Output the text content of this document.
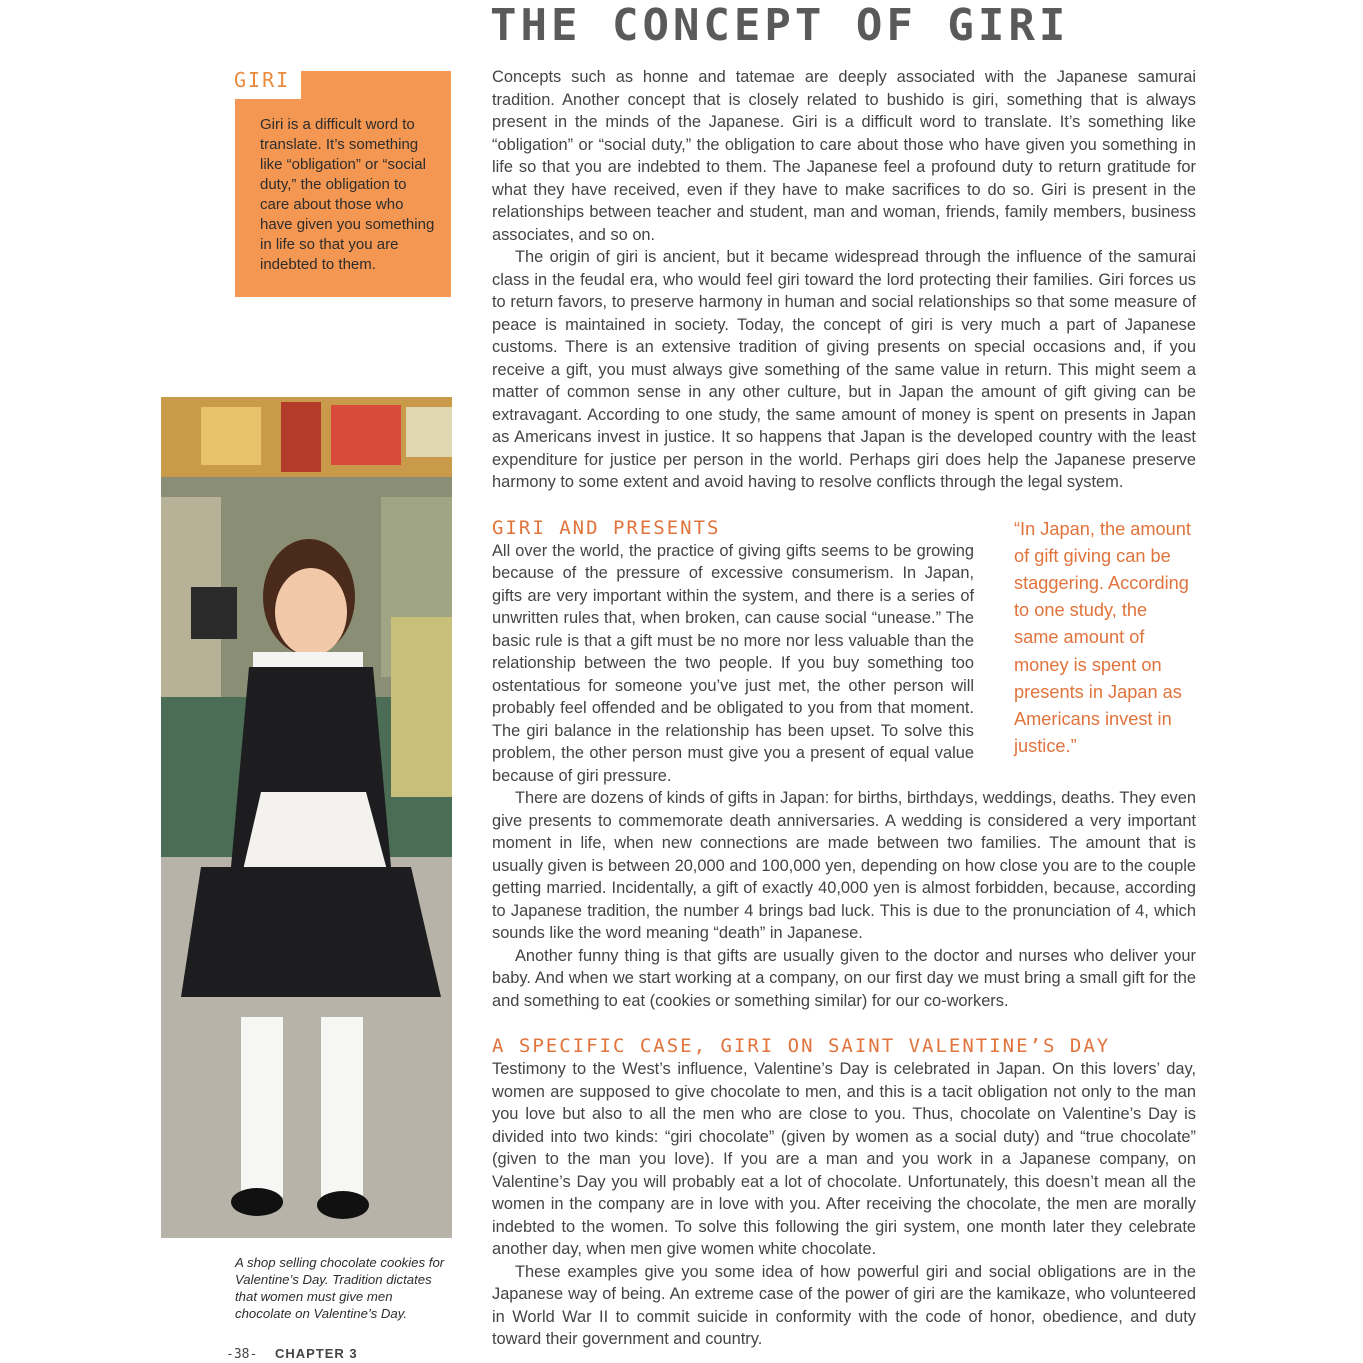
THE CONCEPT OF GIRI
Giri is a difficult word to translate. It’s something like “obligation” or “social duty,” the obligation to care about those who have given you something in life so that you are indebted to them.
GIRI
A shop selling chocolate cookies for Valentine’s Day. Tradition dictates that women must give men chocolate on Valentine’s Day.

Concepts such as honne and tatemae are deeply associated with the Japanese samurai tradition. Another concept that is closely related to bushido is giri, something that is always present in the minds of the Japanese. Giri is a difficult word to translate. It’s something like “obligation” or “social duty,” the obligation to care about those who have given you something in life so that you are indebted to them. The Japanese feel a profound duty to return gratitude for what they have received, even if they have to make sacrifices to do so. Giri is present in the relationships between teacher and student, man and woman, friends, family members, business associates, and so on.

The origin of giri is ancient, but it became widespread through the influence of the samurai class in the feudal era, who would feel giri toward the lord protecting their families. Giri forces us to return favors, to preserve harmony in human and social relationships so that some measure of peace is maintained in society. Today, the concept of giri is very much a part of Japanese customs. There is an extensive tradition of giving presents on special occasions and, if you receive a gift, you must always give something of the same value in return. This might seem a matter of common sense in any other culture, but in Japan the amount of gift giving can be extravagant. According to one study, the same amount of money is spent on presents in Japan as Americans invest in justice. It so happens that Japan is the developed country with the least expenditure for justice per person in the world. Perhaps giri does help the Japanese preserve harmony to some extent and avoid having to resolve conflicts through the legal system.

“In Japan, the amount of gift giving can be staggering. According to one study, the same amount of money is spent on presents in Japan as Americans invest in justice.”
GIRI AND PRESENTS

All over the world, the practice of giving gifts seems to be growing because of the pressure of excessive consumerism. In Japan, gifts are very important within the system, and there is a series of unwritten rules that, when broken, can cause social “unease.” The basic rule is that a gift must be no more nor less valuable than the relationship between the two people. If you buy something too ostentatious for someone you’ve just met, the other person will probably feel offended and be obligated to you from that moment. The giri balance in the relationship has been upset. To solve this problem, the other person must give you a present of equal value because of giri pressure.

There are dozens of kinds of gifts in Japan: for births, birthdays, weddings, deaths. They even give presents to commemorate death anniversaries. A wedding is considered a very important moment in life, when new connections are made between two families. The amount that is usually given is between 20,000 and 100,000 yen, depending on how close you are to the couple getting married. Incidentally, a gift of exactly 40,000 yen is almost forbidden, because, according to Japanese tradition, the number 4 brings bad luck. This is due to the pronunciation of 4, which sounds like the word meaning “death” in Japanese.

Another funny thing is that gifts are usually given to the doctor and nurses who deliver your baby. And when we start working at a company, on our first day we must bring a small gift for the and something to eat (cookies or something similar) for our co-workers.

A SPECIFIC CASE, GIRI ON SAINT VALENTINE’S DAY

Testimony to the West’s influence, Valentine’s Day is celebrated in Japan. On this lovers’ day, women are supposed to give chocolate to men, and this is a tacit obligation not only to the man you love but also to all the men who are close to you. Thus, chocolate on Valentine’s Day is divided into two kinds: “giri chocolate” (given by women as a social duty) and “true chocolate” (given to the man you love). If you are a man and you work in a Japanese company, on Valentine’s Day you will probably eat a lot of chocolate. Unfortunately, this doesn’t mean all the women in the company are in love with you. After receiving the chocolate, the men are morally indebted to the women. To solve this following the giri system, one month later they celebrate another day, when men give women white chocolate.

These examples give you some idea of how powerful giri and social obligations are in the Japanese way of being. An extreme case of the power of giri are the kamikaze, who volunteered in World War II to commit suicide in conformity with the code of honor, obedience, and duty toward their government and country.

-38- CHAPTER 3
